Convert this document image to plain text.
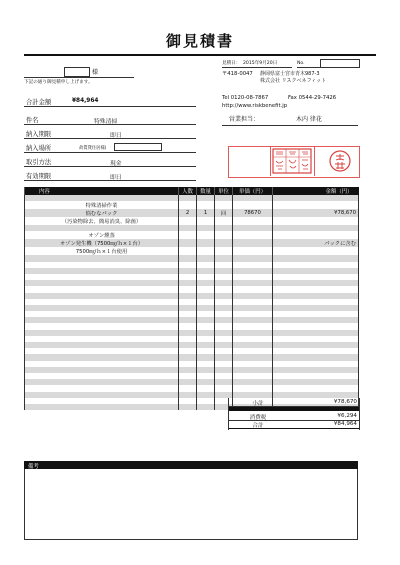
御見積書
見積日： 2015年9月20日	No.
様
下記の通り御見積申し上げます。
〒418-0047 静岡県富士宮市青木987-3
株式会社 リスクベネフィット
Tel 0120-08-7867	Fax 0544-29-7426
http://www.riskbenefit.jp
営業担当：	木内 律花
合計金額	¥84,964
件名	特殊清掃
納入期限	即日
納入場所	故賃貸住居様(
取引方法	現金
有効期限	即日
内容	人数	数量	単位	単価（円）	金額（円）

特殊清掃作業					
悩むなパック	2	1	回	78670	¥78,670
（汚染物除去、簡易消臭、除菌）					

オゾン燻蒸					
オゾン発生機（7500㎎/ｈ×１台）					パックに含む
7500㎎/ｈ×１台使用					

小計	¥78,670
消費税	¥6,294
合計	¥84,964
備考
